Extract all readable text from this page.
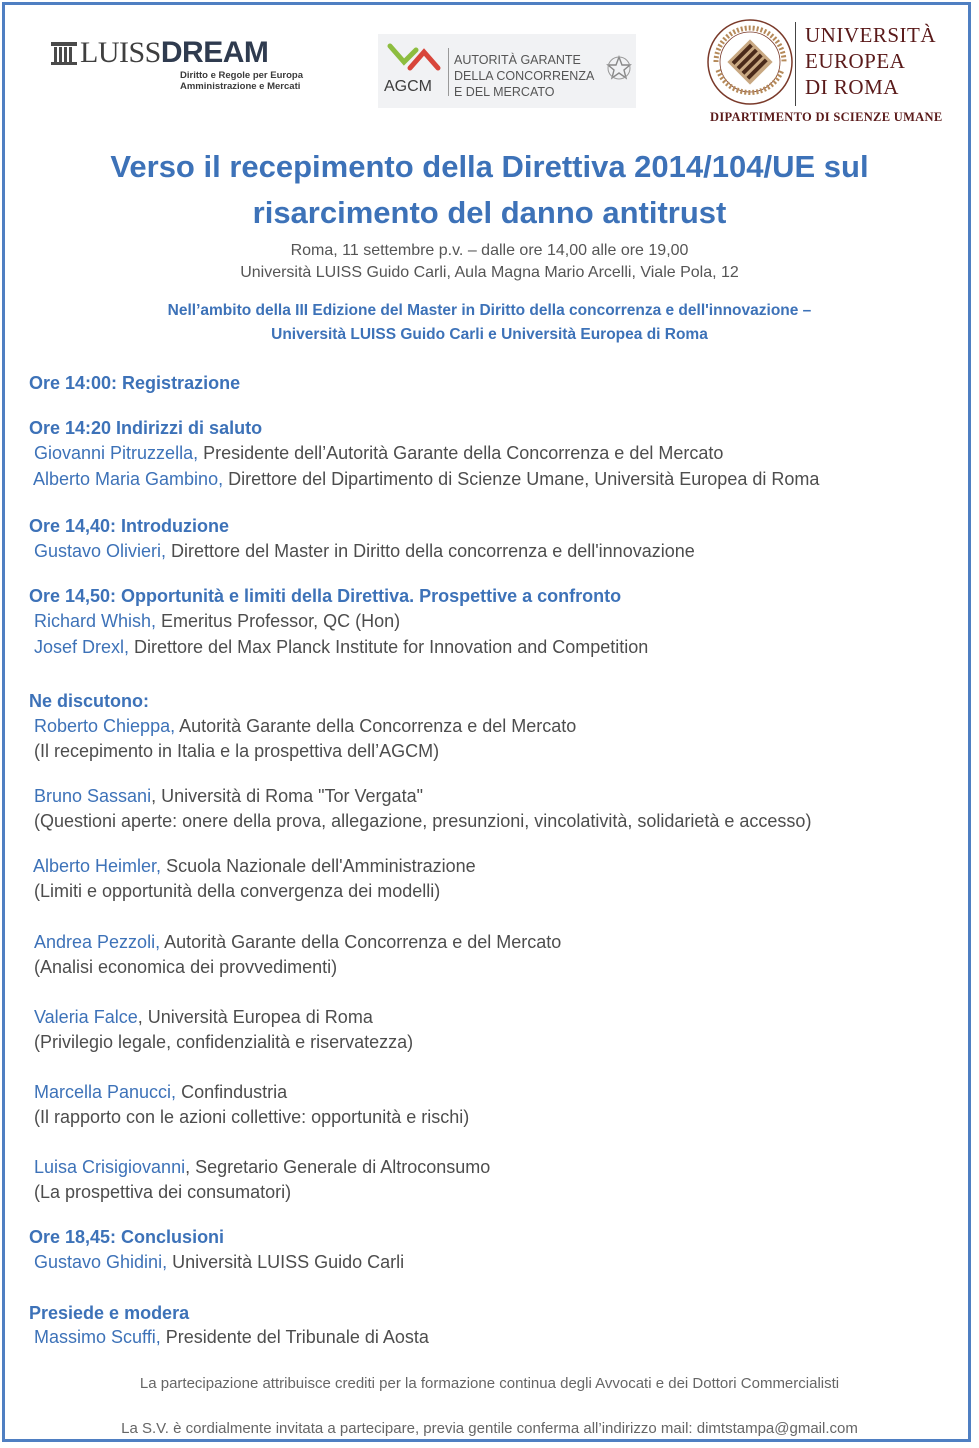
LUISSDREAM
Diritto e Regole per Europa
Amministrazione e Mercati	AGCM
AUTORITÀ GARANTE
DELLA CONCORRENZA
E DEL MERCATO
UNIVERSITÀ
EUROPEA
DI ROMA
DIPARTIMENTO DI SCIENZE UMANE
Verso il recepimento della Direttiva 2014/104/UE sul
risarcimento del danno antitrust
Roma, 11 settembre p.v. – dalle ore 14,00 alle ore 19,00
Università LUISS Guido Carli, Aula Magna Mario Arcelli, Viale Pola, 12
Nell’ambito della III Edizione del Master in Diritto della concorrenza e dell'innovazione –
Università LUISS Guido Carli e Università Europea di Roma
Ore 14:00: Registrazione
Ore 14:20 Indirizzi di saluto
Giovanni Pitruzzella, Presidente dell’Autorità Garante della Concorrenza e del Mercato
Alberto Maria Gambino, Direttore del Dipartimento di Scienze Umane, Università Europea di Roma
Ore 14,40: Introduzione
Gustavo Olivieri, Direttore del Master in Diritto della concorrenza e dell'innovazione
Ore 14,50: Opportunità e limiti della Direttiva. Prospettive a confronto
Richard Whish, Emeritus Professor, QC (Hon)
Josef Drexl, Direttore del Max Planck Institute for Innovation and Competition
Ne discutono:
Roberto Chieppa, Autorità Garante della Concorrenza e del Mercato
(Il recepimento in Italia e la prospettiva dell’AGCM)
Bruno Sassani, Università di Roma "Tor Vergata"
(Questioni aperte: onere della prova, allegazione, presunzioni, vincolatività, solidarietà e accesso)
Alberto Heimler, Scuola Nazionale dell'Amministrazione
(Limiti e opportunità della convergenza dei modelli)
Andrea Pezzoli, Autorità Garante della Concorrenza e del Mercato
(Analisi economica dei provvedimenti)
Valeria Falce, Università Europea di Roma
(Privilegio legale, confidenzialità e riservatezza)
Marcella Panucci, Confindustria
(Il rapporto con le azioni collettive: opportunità e rischi)
Luisa Crisigiovanni, Segretario Generale di Altroconsumo
(La prospettiva dei consumatori)
Ore 18,45: Conclusioni
Gustavo Ghidini, Università LUISS Guido Carli
Presiede e modera
Massimo Scuffi, Presidente del Tribunale di Aosta
La partecipazione attribuisce crediti per la formazione continua degli Avvocati e dei Dottori Commercialisti
La S.V. è cordialmente invitata a partecipare, previa gentile conferma all’indirizzo mail: dimtstampa@gmail.com
